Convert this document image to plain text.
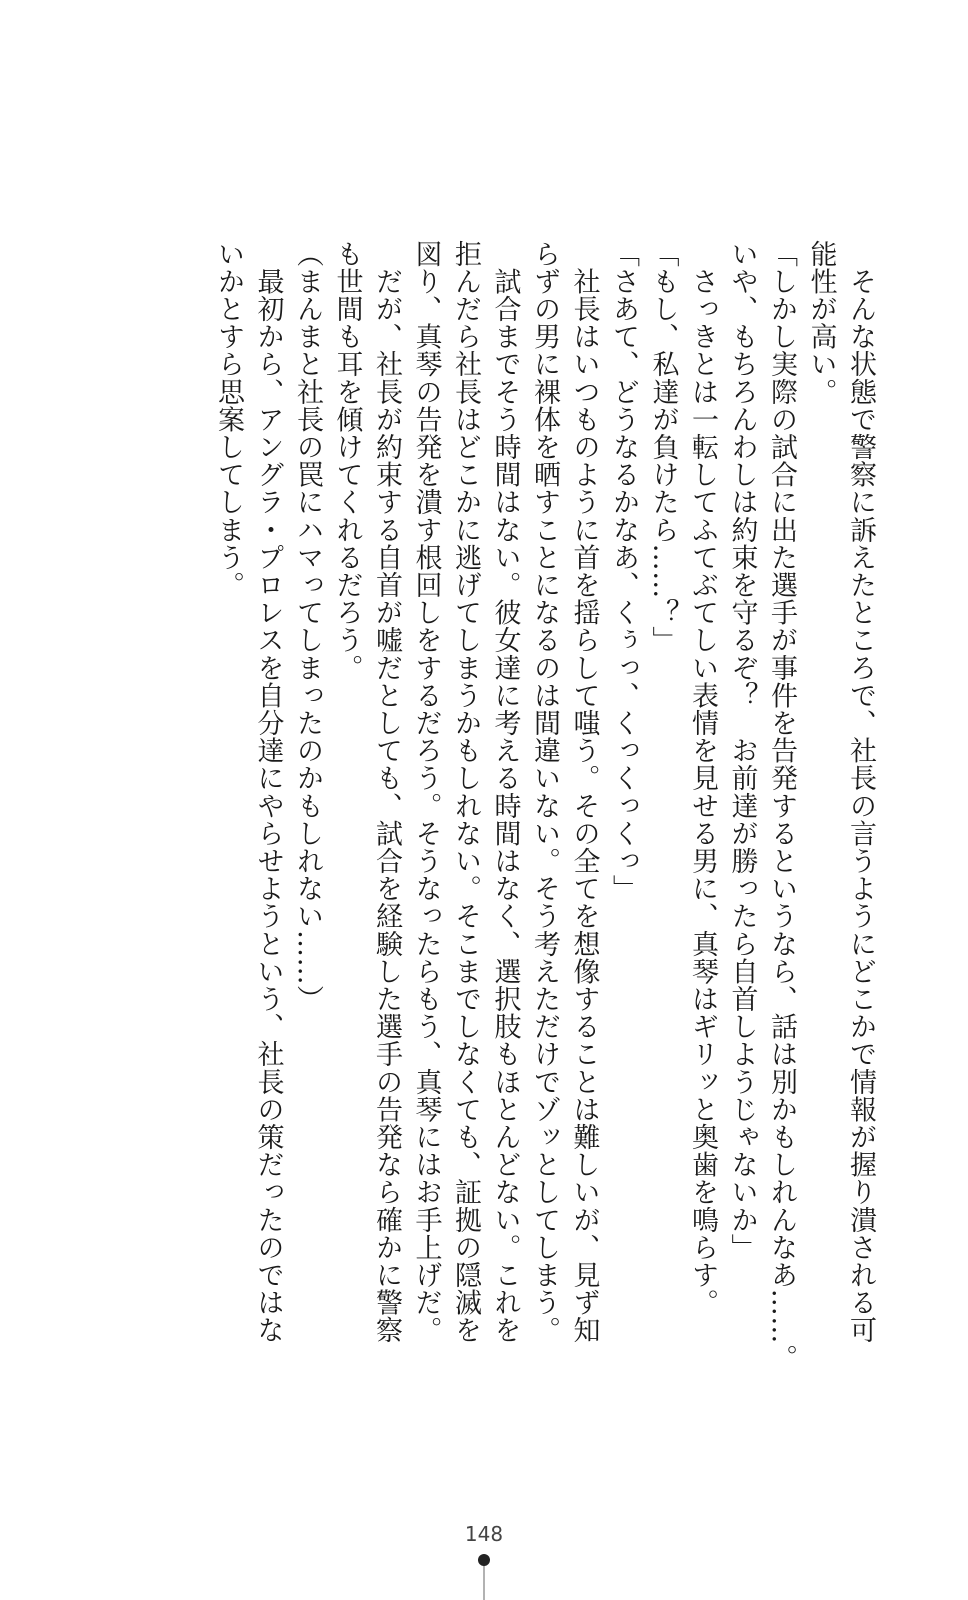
　そんな状態で警察に訴えたところで、社長の言うようにどこかで情報が握り潰される可

能性が高い。

「しかし実際の試合に出た選手が事件を告発するというなら、話は別かもしれんなあ……。

いや、もちろんわしは約束を守るぞ？　お前達が勝ったら自首しようじゃないか」

　さっきとは一転してふてぶてしい表情を見せる男に、真琴はギリッと奥歯を鳴らす。

「もし、私達が負けたら……？」

「さあて、どうなるかなあ、くぅっ、くっくっくっ」

　社長はいつものように首を揺らして嗤う。その全てを想像することは難しいが、見ず知

らずの男に裸体を晒すことになるのは間違いない。そう考えただけでゾッとしてしまう。

　試合までそう時間はない。彼女達に考える時間はなく、選択肢もほとんどない。これを

拒んだら社長はどこかに逃げてしまうかもしれない。そこまでしなくても、証拠の隠滅を

図り、真琴の告発を潰す根回しをするだろう。そうなったらもう、真琴にはお手上げだ。

　だが、社長が約束する自首が嘘だとしても、試合を経験した選手の告発なら確かに警察

も世間も耳を傾けてくれるだろう。

（まんまと社長の罠にハマってしまったのかもしれない……）

　最初から、アングラ・プロレスを自分達にやらせようという、社長の策だったのではな

いかとすら思案してしまう。

148
